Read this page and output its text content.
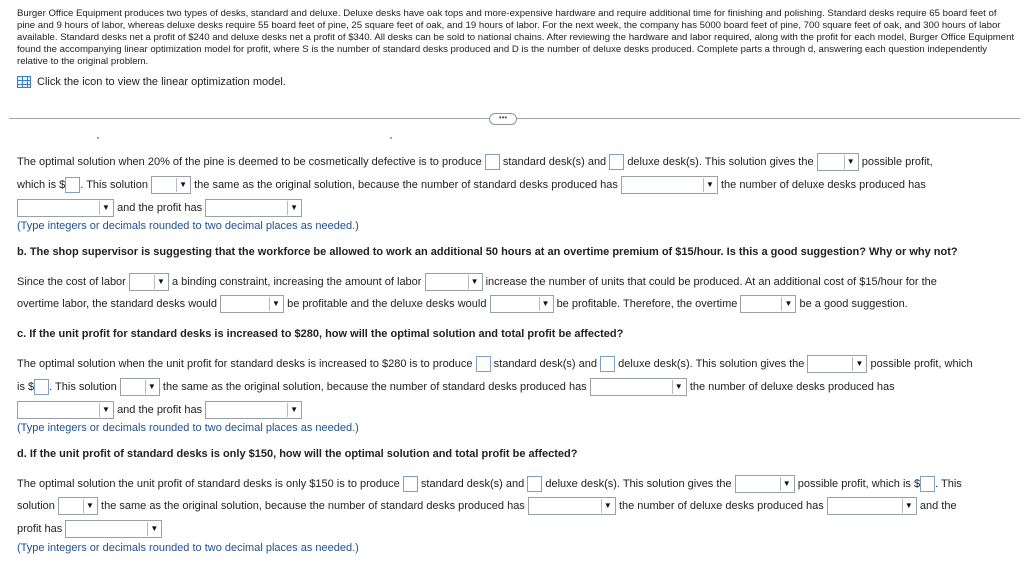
Burger Office Equipment produces two types of desks, standard and deluxe. Deluxe desks have oak tops and more-expensive hardware and require additional time for finishing and polishing. Standard desks require 65 board feet of pine and 9 hours of labor, whereas deluxe desks require 55 board feet of pine, 25 square feet of oak, and 19 hours of labor. For the next week, the company has 5000 board feet of pine, 700 square feet of oak, and 300 hours of labor available. Standard desks net a profit of $240 and deluxe desks net a profit of $340. All desks can be sold to national chains. After reviewing the hardware and labor required, along with the profit for each model, Burger Office Equipment found the accompanying linear optimization model for profit, where S is the number of standard desks produced and D is the number of deluxe desks produced. Complete parts a through d, answering each question independently relative to the original problem.
Click the icon to view the linear optimization model.
•••
The optimal solution when 20% of the pine is deemed to be cosmetically defective is to produce standard desk(s) and deluxe desk(s). This solution gives the	▼ possible profit,
which is $ . This solution	▼ the same as the original solution, because the number of standard desks produced has	▼ the number of deluxe desks produced has
▼ and the profit has	▼
(Type integers or decimals rounded to two decimal places as needed.)
b. The shop supervisor is suggesting that the workforce be allowed to work an additional 50 hours at an overtime premium of $15/hour. Is this a good suggestion? Why or why not?
Since the cost of labor	▼ a binding constraint, increasing the amount of labor	▼ increase the number of units that could be produced. At an additional cost of $15/hour for the
overtime labor, the standard desks would	▼ be profitable and the deluxe desks would	▼ be profitable. Therefore, the overtime	▼ be a good suggestion.
c. If the unit profit for standard desks is increased to $280, how will the optimal solution and total profit be affected?
The optimal solution when the unit profit for standard desks is increased to $280 is to produce standard desk(s) and deluxe desk(s). This solution gives the	▼ possible profit, which
is $ . This solution	▼ the same as the original solution, because the number of standard desks produced has	▼ the number of deluxe desks produced has
▼ and the profit has	▼
(Type integers or decimals rounded to two decimal places as needed.)
d. If the unit profit of standard desks is only $150, how will the optimal solution and total profit be affected?
The optimal solution the unit profit of standard desks is only $150 is to produce standard desk(s) and deluxe desk(s). This solution gives the	▼ possible profit, which is $ . This
solution	▼ the same as the original solution, because the number of standard desks produced has	▼ the number of deluxe desks produced has	▼ and the
profit has	▼
(Type integers or decimals rounded to two decimal places as needed.)
